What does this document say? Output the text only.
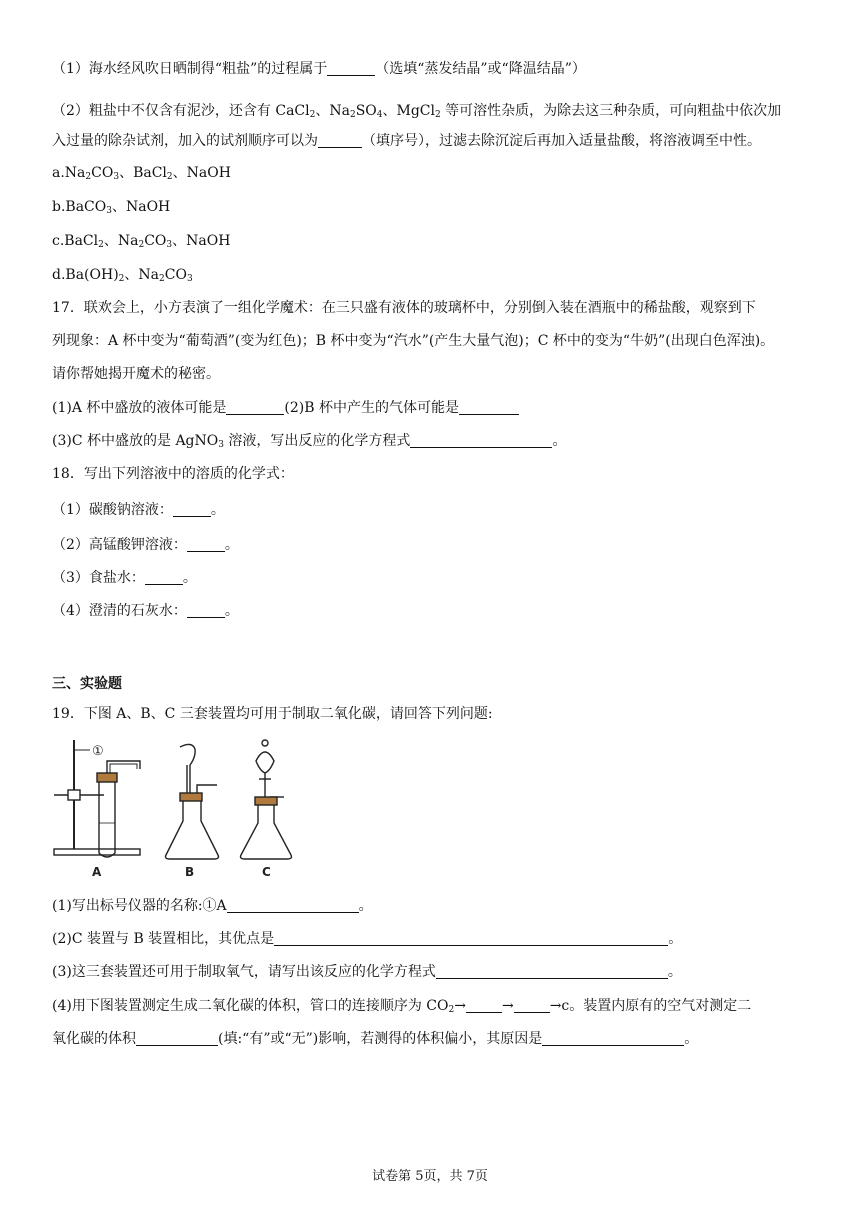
（1）海水经风吹日晒制得“粗盐”的过程属于	（选填“蒸发结晶”或“降温结晶”）
（2）粗盐中不仅含有泥沙，还含有 CaCl$_2$、$Na_2SO_4$、MgCl$_2$ 等可溶性杂质，为除去这三种杂质，可向粗盐中依次加
入过量的除杂试剂，加入的试剂顺序可以为	（填序号），过滤去除沉淀后再加入适量盐酸，将溶液调至中性。
$a.Na_2CO_3$、BaCl$_2$、NaOH
b.BaCO$_3$、NaOH
c.BaCl$_2$、$Na_2CO_3$、NaOH
$d.Ba(OH)_2$、$Na_2CO_3$
17．联欢会上，小方表演了一组化学魔术：在三只盛有液体的玻璃杯中，分别倒入装在酒瓶中的稀盐酸，观察到下
列现象：A 杯中变为“葡萄酒”(变为红色)；B 杯中变为“汽水”(产生大量气泡)；C 杯中的变为“牛奶”(出现白色浑浊)。
请你帮她揭开魔术的秘密。
(1)A 杯中盛放的液体可能是	(2)B 杯中产生的气体可能是
(3)C 杯中盛放的是 AgNO$_3$ 溶液，写出反应的化学方程式	。
18．写出下列溶液中的溶质的化学式：
（1）碳酸钠溶液：	。
（2）高锰酸钾溶液：	。
（3）食盐水：	。
（4）澄清的石灰水：	。
三、实验题
19．下图 A、B、C 三套装置均可用于制取二氧化碳，请回答下列问题:
①
A	B	C
(1)写出标号仪器的名称:①A	。
(2)C 装置与 B 装置相比，其优点是	。
(3)这三套装置还可用于制取氧气，请写出该反应的化学方程式	。
(4)用下图装置测定生成二氧化碳的体积，管口的连接顺序为 $CO_2\to$	→	→c。装置内原有的空气对测定二
氧化碳的体积	(填:“有”或“无”)影响，若测得的体积偏小，其原因是	。
试卷第 5页，共 7页
